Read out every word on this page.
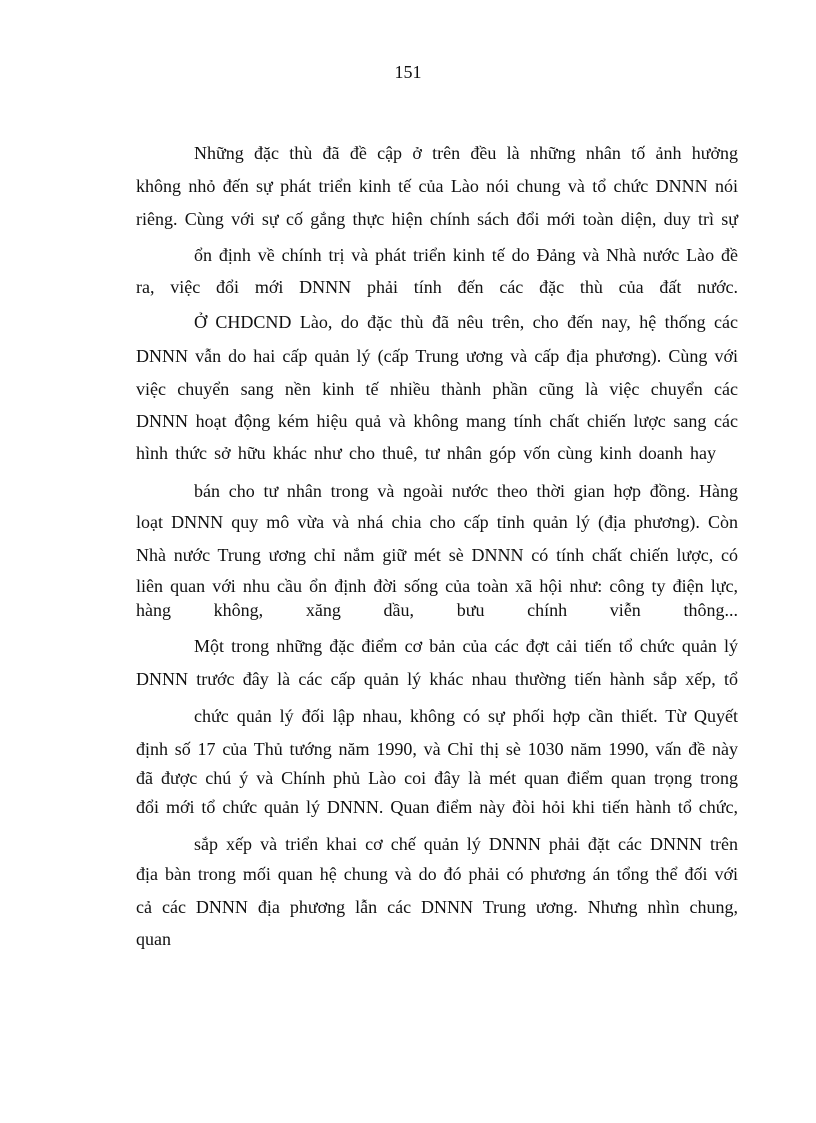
151
Những đặc thù đã đề cập ở trên đều là những nhân tố ảnh hưởng
không nhỏ đến sự phát triển kinh tế của Lào nói chung và tổ chức DNNN nói
riêng. Cùng với sự cố gắng thực hiện chính sách đổi mới toàn diện, duy trì sự
ổn định về chính trị và phát triển kinh tế do Đảng và Nhà nước Lào đề
ra, việc đổi mới DNNN phải tính đến các đặc thù của đất nước.
Ở CHDCND Lào, do đặc thù đã nêu trên, cho đến nay, hệ thống các
DNNN vẫn do hai cấp quản lý (cấp Trung ương và cấp địa phương). Cùng với
việc chuyển sang nền kinh tế nhiều thành phần cũng là việc chuyển các
DNNN hoạt động kém hiệu quả và không mang tính chất chiến lược sang các
hình thức sở hữu khác như cho thuê, tư nhân góp vốn cùng kinh doanh hay
bán cho tư nhân trong và ngoài nước theo thời gian hợp đồng. Hàng
loạt DNNN quy mô vừa và nhá chia cho cấp tỉnh quản lý (địa phương). Còn
Nhà nước Trung ương chỉ nắm giữ mét sè DNNN có tính chất chiến lược, có
liên quan với nhu cầu ổn định đời sống của toàn xã hội như: công ty điện lực,
hàng không, xăng dầu, bưu chính viễn thông...
Một trong những đặc điểm cơ bản của các đợt cải tiến tổ chức quản lý
DNNN trước đây là các cấp quản lý khác nhau thường tiến hành sắp xếp, tổ
chức quản lý đối lập nhau, không có sự phối hợp cần thiết. Từ Quyết
định số 17 của Thủ tướng năm 1990, và Chỉ thị sè 1030 năm 1990, vấn đề này
đã được chú ý và Chính phủ Lào coi đây là mét quan điểm quan trọng trong
đổi mới tổ chức quản lý DNNN. Quan điểm này đòi hỏi khi tiến hành tổ chức,
sắp xếp và triển khai cơ chế quản lý DNNN phải đặt các DNNN trên
địa bàn trong mối quan hệ chung và do đó phải có phương án tổng thể đối với
cả các DNNN địa phương lẫn các DNNN Trung ương. Nhưng nhìn chung,
quan
